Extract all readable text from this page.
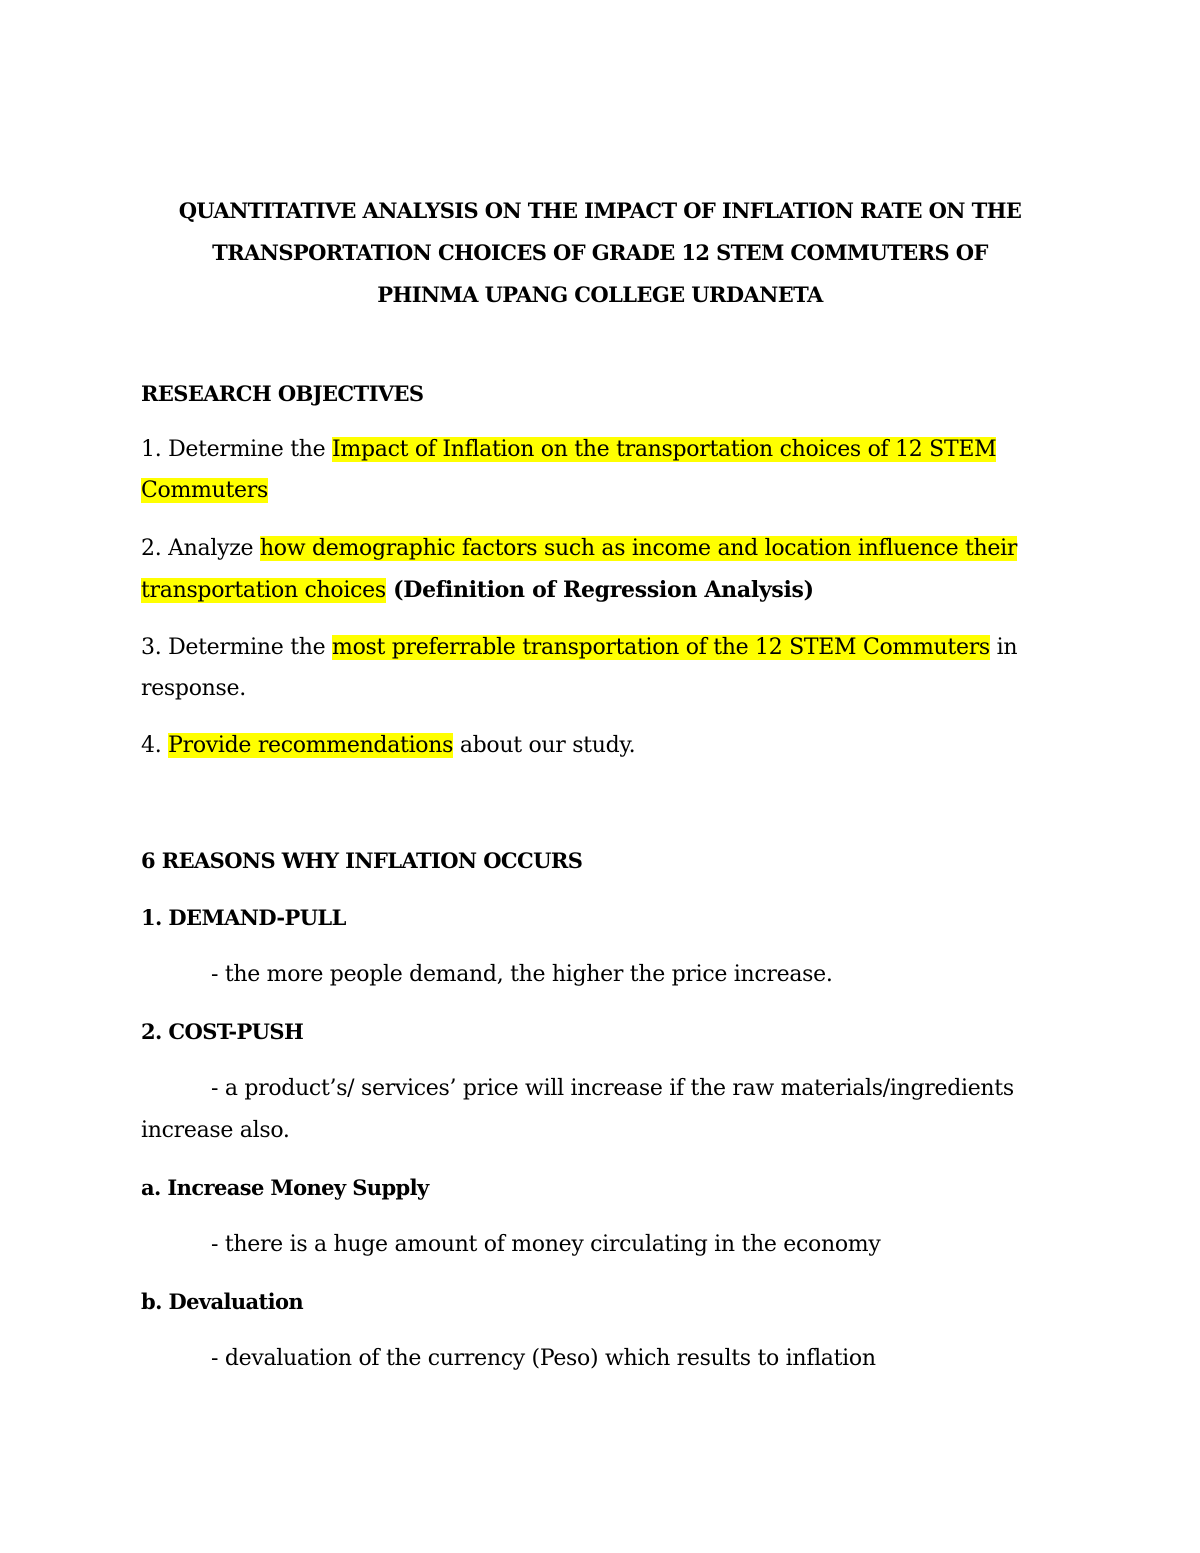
QUANTITATIVE ANALYSIS ON THE IMPACT OF INFLATION RATE ON THE
TRANSPORTATION CHOICES OF GRADE 12 STEM COMMUTERS OF
PHINMA UPANG COLLEGE URDANETA
RESEARCH OBJECTIVES
1. Determine the Impact of Inflation on the transportation choices of 12 STEM
Commuters
2. Analyze how demographic factors such as income and location influence their
transportation choices (Definition of Regression Analysis)
3. Determine the most preferrable transportation of the 12 STEM Commuters in
response.
4. Provide recommendations about our study.
6 REASONS WHY INFLATION OCCURS
1. DEMAND-PULL
- the more people demand, the higher the price increase.
2. COST-PUSH
- a product’s/ services’ price will increase if the raw materials/ingredients
increase also.
a. Increase Money Supply
- there is a huge amount of money circulating in the economy
b. Devaluation
- devaluation of the currency (Peso) which results to inflation
